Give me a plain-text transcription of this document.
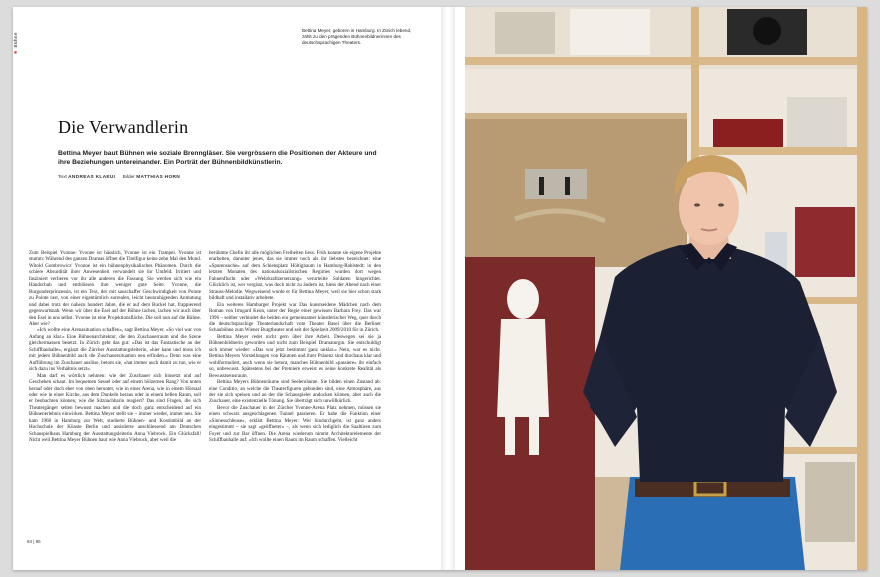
■ Bühne
Bettina Meyer, geboren in Hamburg. In Zürich lebend, zählt zu den prägenden Bühnenbildnerinnen des deutschsprachigen Theaters.
Die Verwandlerin
Bettina Meyer baut Bühnen wie soziale Brenngläser. Sie vergrössern die Positionen der Akteure und ihre Beziehungen untereinander. Ein Porträt der Bühnenbildkünstlerin.
Text ANDREAS KLAEUI Bilder MATTHIAS HORN

Zum Beispiel Yvonne: Yvonne ist hässlich, Yvonne ist ein Trampel. Yvonne ist stumm: Während des ganzen Dramas öffnet die Titelfigur keine zehn Mal den Mund. Witold Gombrowicz' Yvonne ist ein bühnenphysikalisches Phänomen. Durch die schiere Absurdität ihrer Anwesenheit verwandelt sie ihr Umfeld. Irritiert und fasziniert verlieren vor ihr alle anderen die Fassung. Sie werden sich wie ein Handschuh und entblössen ihre weniger gute Seite. Yvonne, die Burgunderprinzessin, ist ein Text, der mit sauschaffer Geschwindigkeit von Pointe zu Pointe rast, von einer eigentümlich surrealen, leicht beunruhigenden Anmutung und dabei trotz der nahezu hundert Jahre, die er auf dem Buckel hat, frappierend gegenwartsnah. Wenn wir über die Esel auf der Bühne lachen, lachen wir auch über den Esel in uns selbst. Yvonne ist eine Projektionsfläche. Die soll nun auf die Bühne. Aber wie?

«Ich wollte eine Arenasituation schaffen», sagt Bettina Meyer. «So viel war von Anfang an klar.» Eine Bühnenarchitektur, die den Zuschauerraum und die Szene gleichermassen besetzt. In Zürich geht das gut: «Das ist das Fantastische an der Schiffbauhalle», ergänzt die Zürcher Ausstattungsleiterin, «hier kann und muss ich mit jedem Bühnenbild auch die Zuschauersituation neu erfinden.» Denn was eine Aufführung im Zuschauer auslöse, betont sie, «hat immer auch damit zu tun, wie er sich dazu ins Verhältnis setzt».

Man darf es wörtlich nehmen: wie der Zuschauer sich hinsetzt und auf Geschehen schaut. Im bequemen Sessel oder auf einem hölzernen Rang? Von unten herauf oder doch eher von oben herunter, wie in einer Arena, wie in einem Hörsaal oder wie in einer Kirche, aus dem Dunkeln heraus oder in einem hellen Raum, soll er beobachten können, wie die Sitznachbarin reagiert? Das sind Fragen, die sich Theatergänger selten bewusst machen und die doch ganz entscheidend auf ein Bühnenerlebnis einwirken. Bettina Meyer stellt sie – immer wieder, immer neu. Sie kam 1968 in Hamburg zur Welt, studierte Bühnen- und Kostümbild an der Hochschule der Künste Berlin und assistierte anschliessend am Deutschen Schauspielhaus Hamburg der Ausstattungsleiterin Anna Viebrock. Ein Glücksfall! Nicht weil Bettina Meyer Bühnen baut wie Anna Viebrock, aber weil die

berühmte Chefin ihr alle möglichen Freiheiten liess. Früh konnte sie eigene Projekte erarbeiten, darunter jenes, das sie immer noch als ihr liebstes bezeichnet: eine «Spurensuche» auf dem Schiensplatz Höltigbaum in Hamburg-Rahlstedt; in den letzten Monaten des nationalsozialistischen Regimes wurden dort wegen Fahnenflucht oder «Wehrkraftzersetzung» verurteilte Soldaten hingerichtet. Glücklich ist, wer vergisst, was doch nicht zu ändern ist, hiess der Abend nach einer Strauss-Melodie. Wegweisend wurde er für Bettina Meyer, weil sie hier schon stark bildhaft und installativ arbeitete.

Ein weiteres Hamburger Projekt war Das kunstseidene Mädchen nach dem Roman von Irmgard Keun, unter der Regie einer gewissen Barbara Frey. Das war 1996 – seither verbindet die beiden ein gemeinsamer künstlerischer Weg, quer durch die deutschsprachige Theaterlandschaft vom Theater Basel über die Berliner Schaubühne zum Wiener Burgtheater und seit der Spielzeit 2009/2010 für in Zürich.

Bettina Meyer redet nicht gern über ihre Arbeit. Deswegen sei sie ja Bühnenbildnerin geworden und nicht zum Beispiel Dramaturgin. Sie entschuldigt sich immer wieder: «Das war jetzt bestimmt ganz unklar.» Nein, war es nicht. Bettina Meyers Vorstellungen von Räumen und ihrer Präsenz sind durchaus klar und wohlformuliert, auch wenn sie betont, manches Bühnenbild «passiere» ihr einfach so, unbewusst. Spätestens bei der Premiere erweist es seine konkrete Realität als Bewusstseinsraum.

Bettina Meyers Bühnenräume sind Seelenräume. Sie bilden einen Zustand ab: eine Conditio, an welche die Theaterfiguren gebunden sind, eine Atmosphäre, aus der sie sich speisen und an der die Schauspieler andocken können, aber auch die Zuschauer, eine existenzielle Tönung. Sie überträgt sich unwillkürlich.

Bevor die Zuschauer in der Zürcher Yvonne-Arena Platz nehmen, müssen sie einen schwarz ausgeschlagenen Tunnel passieren. Er habe die Funktion einer «Sinnesschleuse», erklärt Bettina Meyer: Wer hindurchgeht, ist ganz anders eingestimmt – sie sagt «geöffneter» –, als wenn sich lediglich die Saaltüren zum Foyer und zur Bar öffnen. Die Arena wiederum nimmt Architekturelemente der Schiffbauhalle auf: «Ich wollte einen Raum im Raum schaffen. Vielleicht

84 | 85
